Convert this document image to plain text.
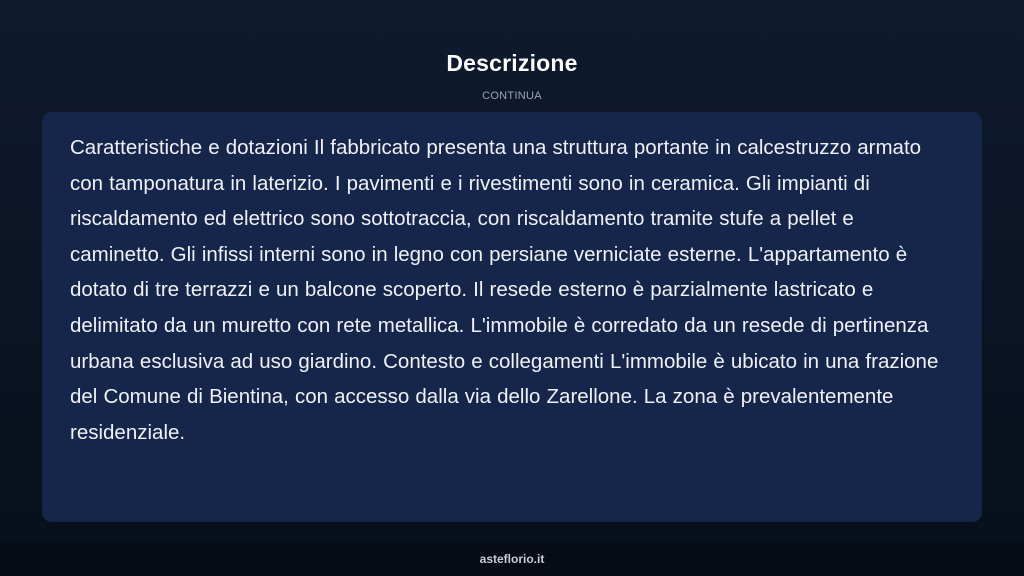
Descrizione
CONTINUA

Caratteristiche e dotazioni Il fabbricato presenta una struttura portante in calcestruzzo armato con tamponatura in laterizio. I pavimenti e i rivestimenti sono in ceramica. Gli impianti di riscaldamento ed elettrico sono sottotraccia, con riscaldamento tramite stufe a pellet e caminetto. Gli infissi interni sono in legno con persiane verniciate esterne. L'appartamento è dotato di tre terrazzi e un balcone scoperto. Il resede esterno è parzialmente lastricato e delimitato da un muretto con rete metallica. L'immobile è corredato da un resede di pertinenza urbana esclusiva ad uso giardino. Contesto e collegamenti L'immobile è ubicato in una frazione del Comune di Bientina, con accesso dalla via dello Zarellone. La zona è prevalentemente residenziale.

asteflorio.it
